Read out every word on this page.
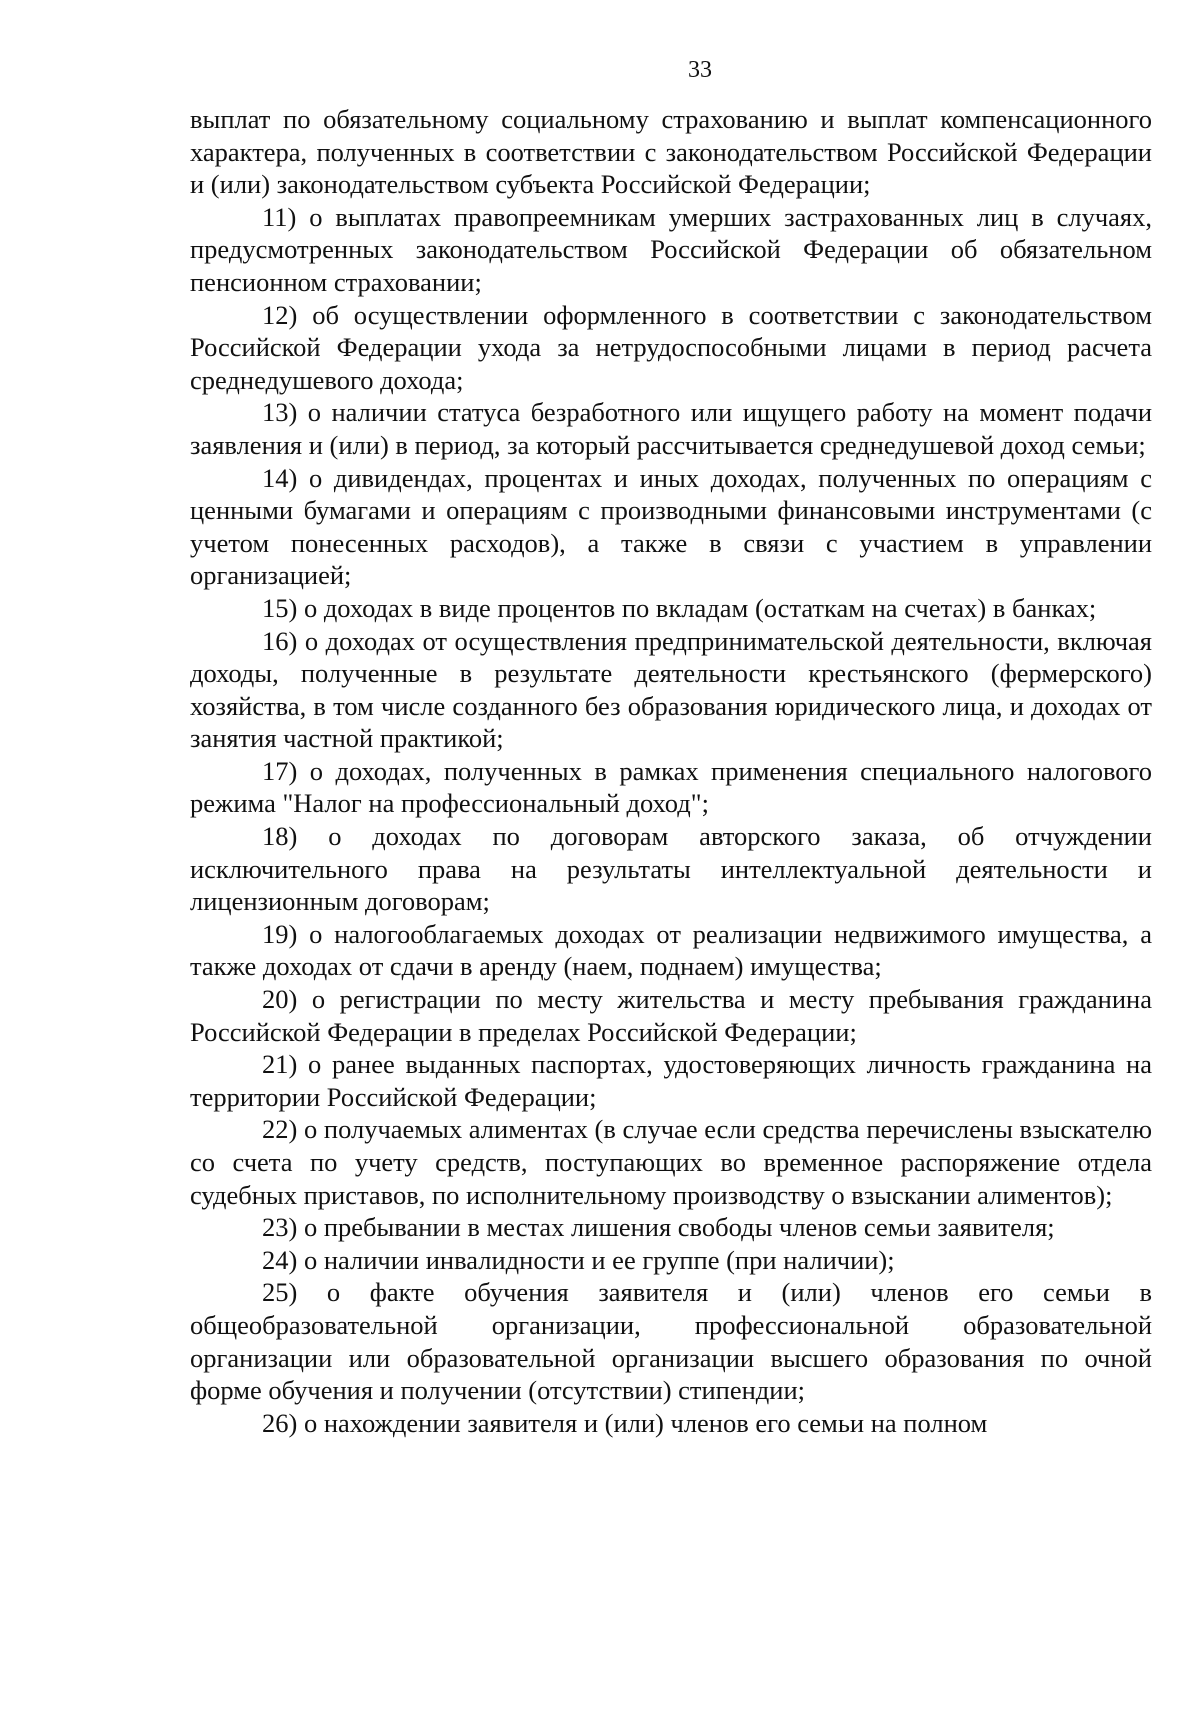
33

выплат по обязательному социальному страхованию и выплат компенсационного характера, полученных в соответствии с законодательством Российской Федерации и (или) законодательством субъекта Российской Федерации;

11) о выплатах правопреемникам умерших застрахованных лиц в случаях, предусмотренных законодательством Российской Федерации об обязательном пенсионном страховании;

12) об осуществлении оформленного в соответствии с законодательством Российской Федерации ухода за нетрудоспособными лицами в период расчета среднедушевого дохода;

13) о наличии статуса безработного или ищущего работу на момент подачи заявления и (или) в период, за который рассчитывается среднедушевой доход семьи;

14) о дивидендах, процентах и иных доходах, полученных по операциям с ценными бумагами и операциям с производными финансовыми инструментами (с учетом понесенных расходов), а также в связи с участием в управлении организацией;

15) о доходах в виде процентов по вкладам (остаткам на счетах) в банках;

16) о доходах от осуществления предпринимательской деятельности, включая доходы, полученные в результате деятельности крестьянского (фермерского) хозяйства, в том числе созданного без образования юридического лица, и доходах от занятия частной практикой;

17) о доходах, полученных в рамках применения специального налогового режима "Налог на профессиональный доход";

18) о доходах по договорам авторского заказа, об отчуждении исключительного права на результаты интеллектуальной деятельности и лицензионным договорам;

19) о налогооблагаемых доходах от реализации недвижимого имущества, а также доходах от сдачи в аренду (наем, поднаем) имущества;

20) о регистрации по месту жительства и месту пребывания гражданина Российской Федерации в пределах Российской Федерации;

21) о ранее выданных паспортах, удостоверяющих личность гражданина на территории Российской Федерации;

22) о получаемых алиментах (в случае если средства перечислены взыскателю со счета по учету средств, поступающих во временное распоряжение отдела судебных приставов, по исполнительному производству о взыскании алиментов);

23) о пребывании в местах лишения свободы членов семьи заявителя;

24) о наличии инвалидности и ее группе (при наличии);

25) о факте обучения заявителя и (или) членов его семьи в общеобразовательной организации, профессиональной образовательной организации или образовательной организации высшего образования по очной форме обучения и получении (отсутствии) стипендии;

26) о нахождении заявителя и (или) членов его семьи на полном
